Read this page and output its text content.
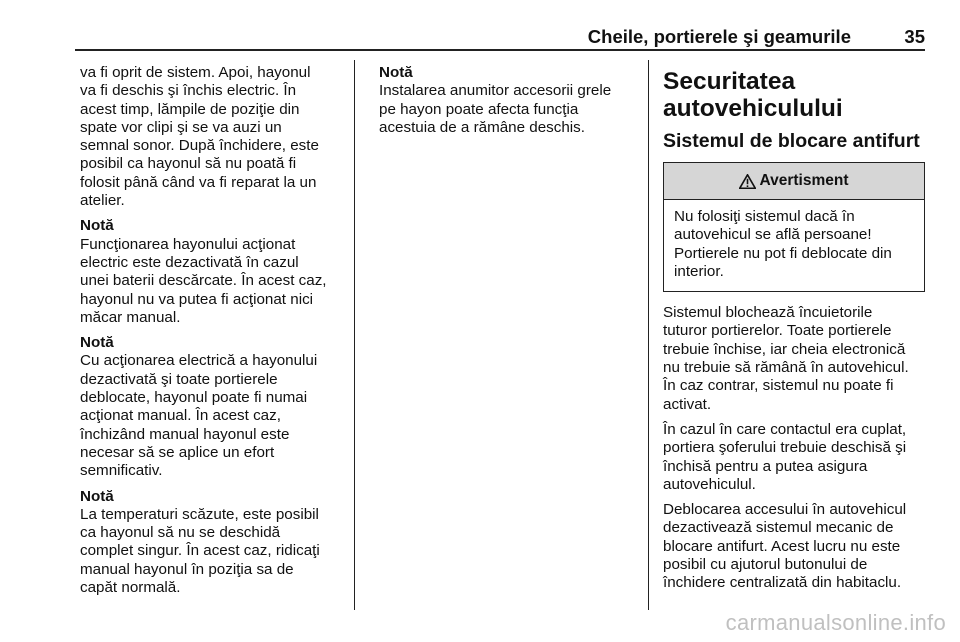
Cheile, portierele şi geamurile	35

va fi oprit de sistem. Apoi, hayonul
va fi deschis şi închis electric. În
acest timp, lămpile de poziţie din
spate vor clipi şi se va auzi un
semnal sonor. După închidere, este
posibil ca hayonul să nu poată fi
folosit până când va fi reparat la un
atelier.

Notă
Funcţionarea hayonului acţionat
electric este dezactivată în cazul
unei baterii descărcate. În acest caz,
hayonul nu va putea fi acţionat nici
măcar manual.
Notă
Cu acţionarea electrică a hayonului
dezactivată şi toate portierele
deblocate, hayonul poate fi numai
acţionat manual. În acest caz,
închizând manual hayonul este
necesar să se aplice un efort
semnificativ.
Notă
La temperaturi scăzute, este posibil
ca hayonul să nu se deschidă
complet singur. În acest caz, ridicaţi
manual hayonul în poziţia sa de
capăt normală.
Notă
Instalarea anumitor accesorii grele
pe hayon poate afecta funcţia
acestuia de a rămâne deschis.
Securitatea
autovehiculului
Sistemul de blocare antifurt
Avertisment
Nu folosiţi sistemul dacă în
autovehicul se află persoane!
Portierele nu pot fi deblocate din
interior.

Sistemul blochează încuietorile
tuturor portierelor. Toate portierele
trebuie închise, iar cheia electronică
nu trebuie să rămână în autovehicul.
În caz contrar, sistemul nu poate fi
activat.

În cazul în care contactul era cuplat,
portiera şoferului trebuie deschisă şi
închisă pentru a putea asigura
autovehiculul.

Deblocarea accesului în autovehicul
dezactivează sistemul mecanic de
blocare antifurt. Acest lucru nu este
posibil cu ajutorul butonului de
închidere centralizată din habitaclu.

carmanualsonline.info
